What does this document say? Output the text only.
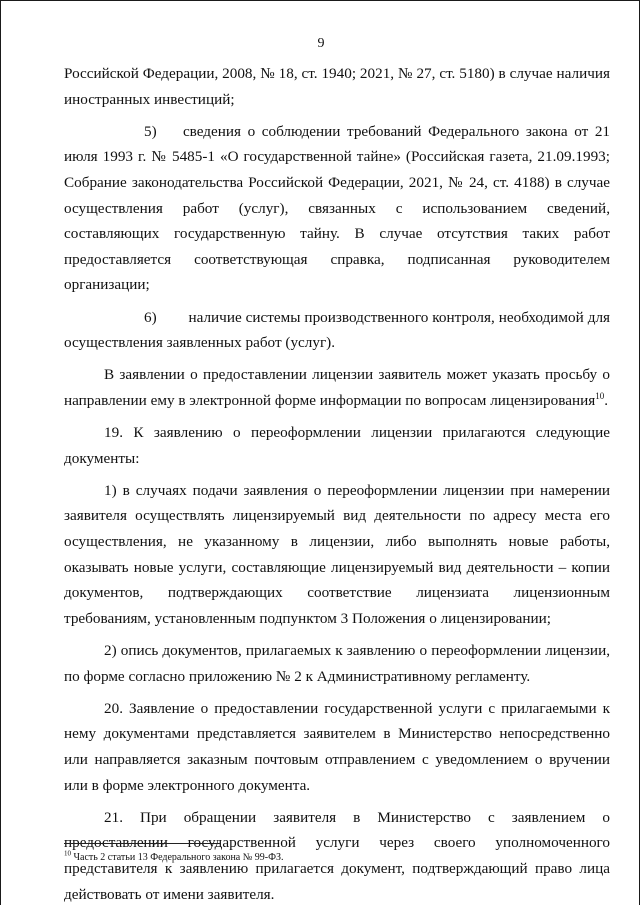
9

Российской Федерации, 2008, № 18, ст. 1940; 2021, № 27, ст. 5180) в случае наличия иностранных инвестиций;

5) сведения о соблюдении требований Федерального закона от 21 июля 1993 г. № 5485-1 «О государственной тайне» (Российская газета, 21.09.1993; Собрание законодательства Российской Федерации, 2021, № 24, ст. 4188) в случае осуществления работ (услуг), связанных с использованием сведений, составляющих государственную тайну. В случае отсутствия таких работ предоставляется соответствующая справка, подписанная руководителем организации;

6) наличие системы производственного контроля, необходимой для осуществления заявленных работ (услуг).

В заявлении о предоставлении лицензии заявитель может указать просьбу о направлении ему в электронной форме информации по вопросам лицензирования$^{10}$.

19. К заявлению о переоформлении лицензии прилагаются следующие документы:

1) в случаях подачи заявления о переоформлении лицензии при намерении заявителя осуществлять лицензируемый вид деятельности по адресу места его осуществления, не указанному в лицензии, либо выполнять новые работы, оказывать новые услуги, составляющие лицензируемый вид деятельности – копии документов, подтверждающих соответствие лицензиата лицензионным требованиям, установленным подпунктом 3 Положения о лицензировании;

2) опись документов, прилагаемых к заявлению о переоформлении лицензии, по форме согласно приложению № 2 к Административному регламенту.

20. Заявление о предоставлении государственной услуги с прилагаемыми к нему документами представляется заявителем в Министерство непосредственно или направляется заказным почтовым отправлением с уведомлением о вручении или в форме электронного документа.

21. При обращении заявителя в Министерство с заявлением о предоставлении государственной услуги через своего уполномоченного представителя к заявлению прилагается документ, подтверждающий право лица действовать от имени заявителя.

$^{10}$ Часть 2 статьи 13 Федерального закона № 99-ФЗ.
